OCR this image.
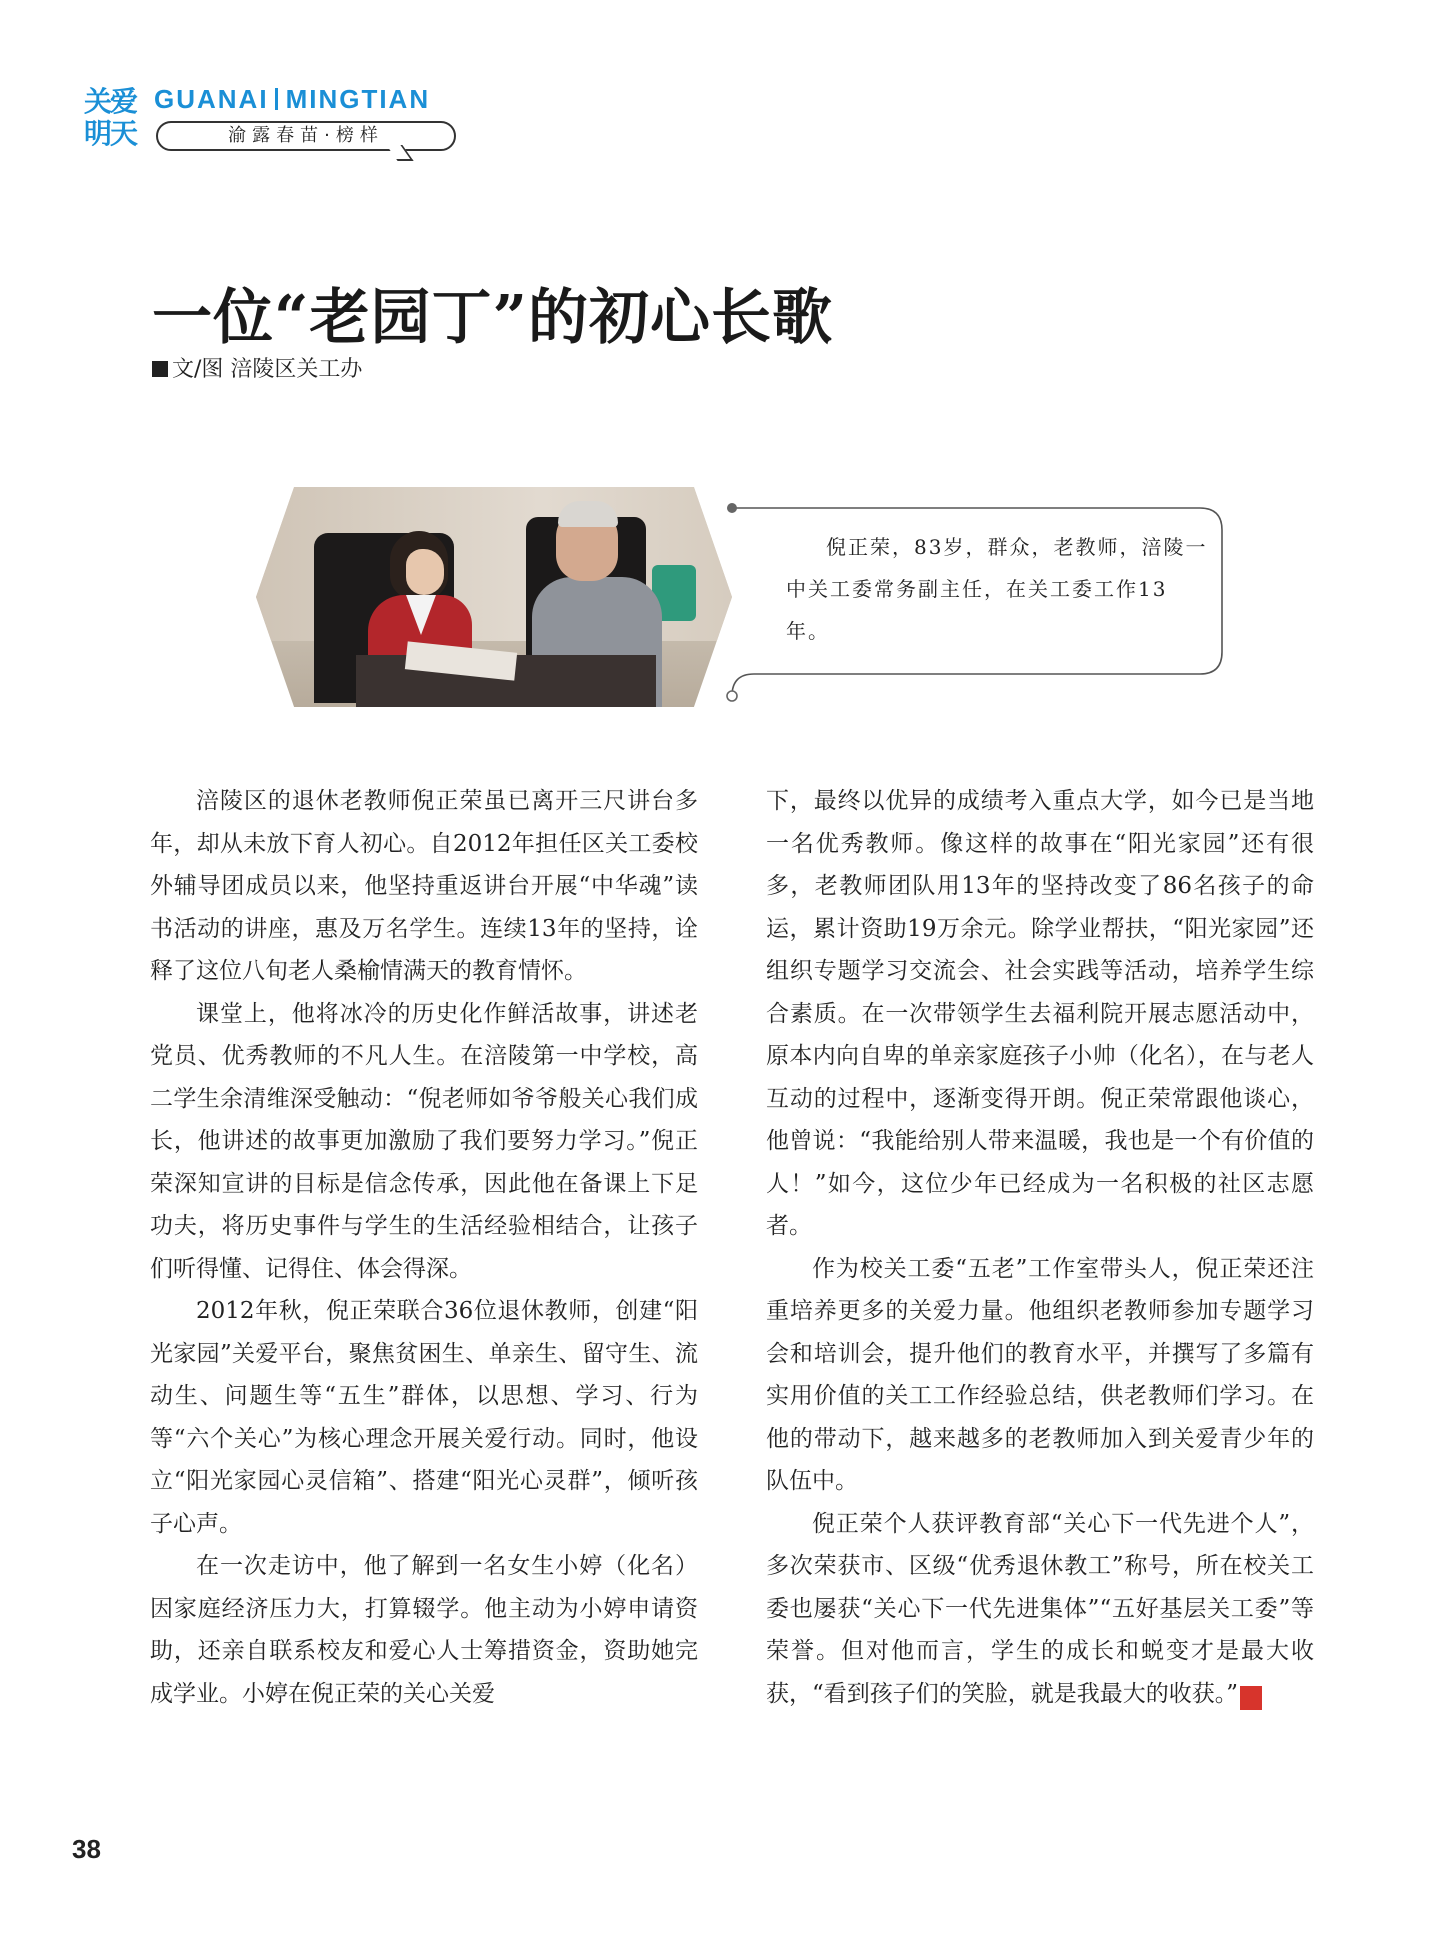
关爱
明天
GUANAI MINGTIAN
渝露春苗·榜样
一位“老园丁”的初心长歌
文/图 涪陵区关工办

倪正荣，83岁，群众，老教师，涪陵一中关工委常务副主任，在关工委工作13年。

涪陵区的退休老教师倪正荣虽已离开三尺讲台多年，却从未放下育人初心。自2012年担任区关工委校外辅导团成员以来，他坚持重返讲台开展“中华魂”读书活动的讲座，惠及万名学生。连续13年的坚持，诠释了这位八旬老人桑榆情满天的教育情怀。

课堂上，他将冰冷的历史化作鲜活故事，讲述老党员、优秀教师的不凡人生。在涪陵第一中学校，高二学生余清维深受触动：“倪老师如爷爷般关心我们成长，他讲述的故事更加激励了我们要努力学习。”倪正荣深知宣讲的目标是信念传承，因此他在备课上下足功夫，将历史事件与学生的生活经验相结合，让孩子们听得懂、记得住、体会得深。

2012年秋，倪正荣联合36位退休教师，创建“阳光家园”关爱平台，聚焦贫困生、单亲生、留守生、流动生、问题生等“五生”群体，以思想、学习、行为等“六个关心”为核心理念开展关爱行动。同时，他设立“阳光家园心灵信箱”、搭建“阳光心灵群”，倾听孩子心声。

在一次走访中，他了解到一名女生小婷（化名）因家庭经济压力大，打算辍学。他主动为小婷申请资助，还亲自联系校友和爱心人士筹措资金，资助她完成学业。小婷在倪正荣的关心关爱

下，最终以优异的成绩考入重点大学，如今已是当地一名优秀教师。像这样的故事在“阳光家园”还有很多，老教师团队用13年的坚持改变了86名孩子的命运，累计资助19万余元。除学业帮扶，“阳光家园”还组织专题学习交流会、社会实践等活动，培养学生综合素质。在一次带领学生去福利院开展志愿活动中，原本内向自卑的单亲家庭孩子小帅（化名），在与老人互动的过程中，逐渐变得开朗。倪正荣常跟他谈心，他曾说：“我能给别人带来温暖，我也是一个有价值的人！”如今，这位少年已经成为一名积极的社区志愿者。

作为校关工委“五老”工作室带头人，倪正荣还注重培养更多的关爱力量。他组织老教师参加专题学习会和培训会，提升他们的教育水平，并撰写了多篇有实用价值的关工工作经验总结，供老教师们学习。在他的带动下，越来越多的老教师加入到关爱青少年的队伍中。

倪正荣个人获评教育部“关心下一代先进个人”，多次荣获市、区级“优秀退休教工”称号，所在校关工委也屡获“关心下一代先进集体”“五好基层关工委”等荣誉。但对他而言，学生的成长和蜕变才是最大收获，“看到孩子们的笑脸，就是我最大的收获。”	关

38
